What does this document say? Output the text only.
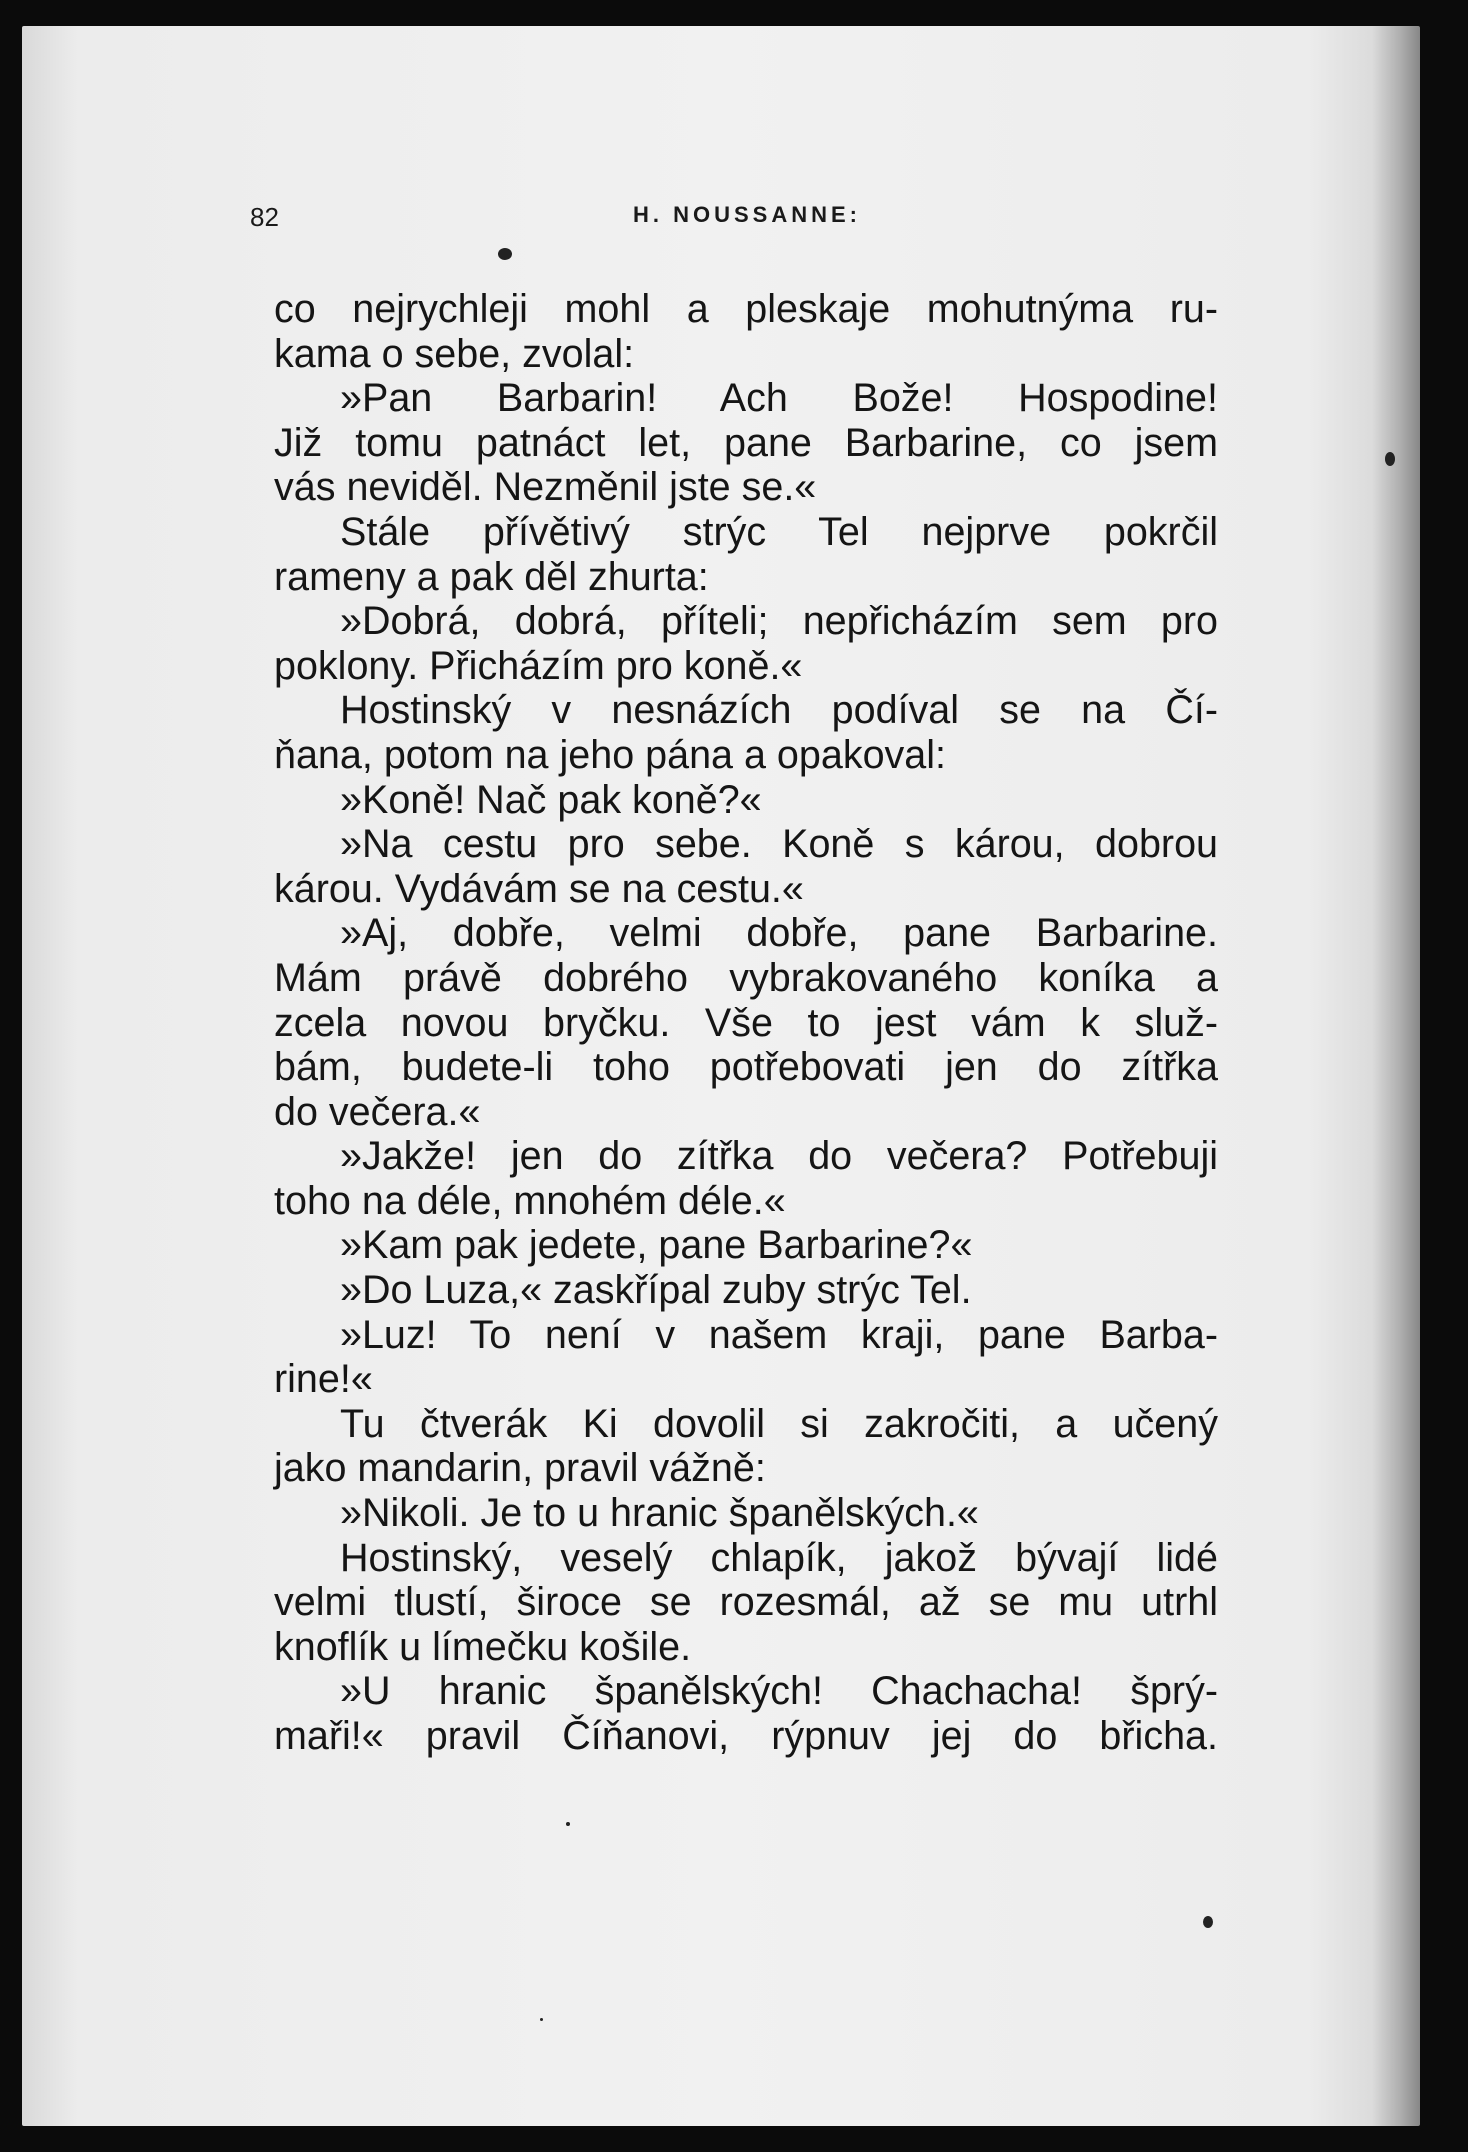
82	H. NOUSSANNE:
co nejrychleji mohl a pleskaje mohutnýma ru-
kama o sebe, zvolal:
»Pan Barbarin! Ach Bože! Hospodine!
Již tomu patnáct let, pane Barbarine, co jsem
vás neviděl. Nezměnil jste se.«
Stále přívětivý strýc Tel nejprve pokrčil
rameny a pak děl zhurta:
»Dobrá, dobrá, příteli; nepřicházím sem pro
poklony. Přicházím pro koně.«
Hostinský v nesnázích podíval se na Čí-
ňana, potom na jeho pána a opakoval:
»Koně! Nač pak koně?«
»Na cestu pro sebe. Koně s károu, dobrou
károu. Vydávám se na cestu.«
»Aj, dobře, velmi dobře, pane Barbarine.
Mám právě dobrého vybrakovaného koníka a
zcela novou bryčku. Vše to jest vám k služ-
bám, budete-li toho potřebovati jen do zítřka
do večera.«
»Jakže! jen do zítřka do večera? Potřebuji
toho na déle, mnohém déle.«
»Kam pak jedete, pane Barbarine?«
»Do Luza,« zaskřípal zuby strýc Tel.
»Luz! To není v našem kraji, pane Barba-
rine!«
Tu čtverák Ki dovolil si zakročiti, a učený
jako mandarin, pravil vážně:
»Nikoli. Je to u hranic španělských.«
Hostinský, veselý chlapík, jakož bývají lidé
velmi tlustí, široce se rozesmál, až se mu utrhl
knoflík u límečku košile.
»U hranic španělských! Chachacha! šprý-
maři!« pravil Číňanovi, rýpnuv jej do břicha.
